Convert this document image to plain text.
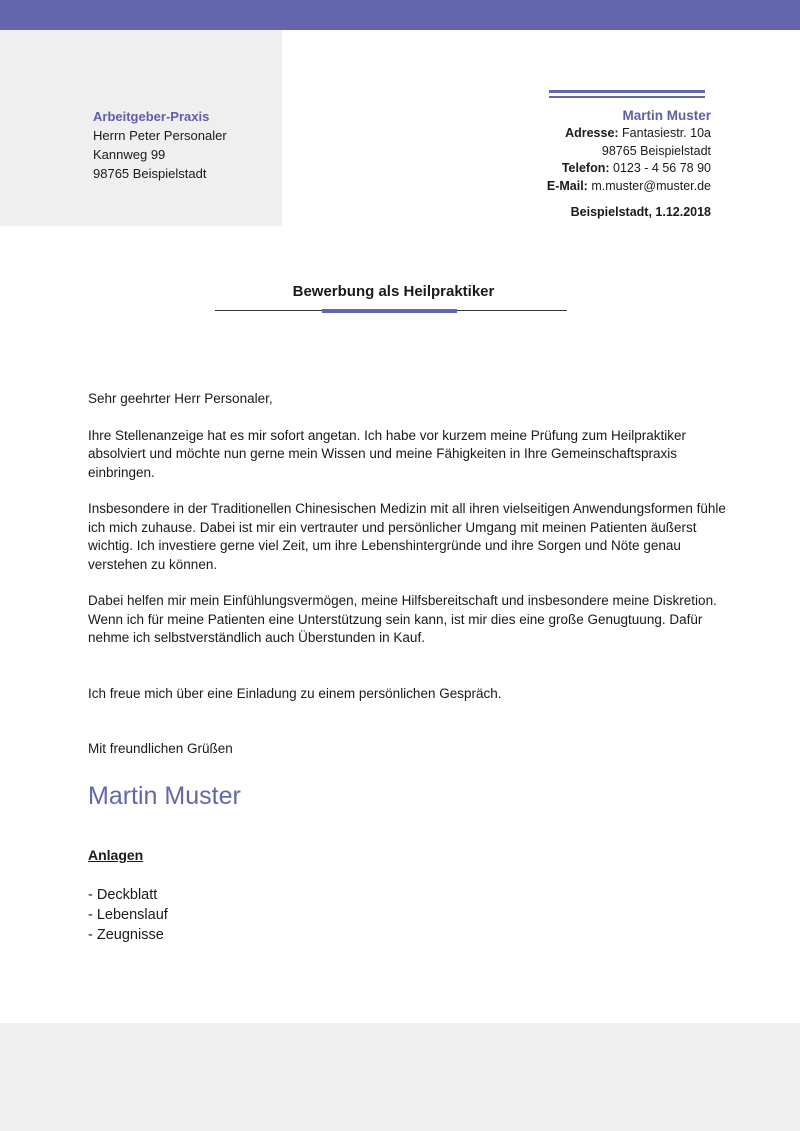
Arbeitgeber-Praxis
Herrn Peter Personaler
Kannweg 99
98765 Beispielstadt
Martin Muster
Adresse: Fantasiestr. 10a
98765 Beispielstadt
Telefon: 0123 - 4 56 78 90
E-Mail: m.muster@muster.de
Beispielstadt, 1.12.2018
Bewerbung als Heilpraktiker

Sehr geehrter Herr Personaler,

Ihre Stellenanzeige hat es mir sofort angetan. Ich habe vor kurzem meine Prüfung zum Heilpraktiker absolviert und möchte nun gerne mein Wissen und meine Fähigkeiten in Ihre Gemeinschaftspraxis einbringen.

Insbesondere in der Traditionellen Chinesischen Medizin mit all ihren vielseitigen Anwendungsformen fühle ich mich zuhause. Dabei ist mir ein vertrauter und persönlicher Umgang mit meinen Patienten äußerst wichtig. Ich investiere gerne viel Zeit, um ihre Lebenshintergründe und ihre Sorgen und Nöte genau verstehen zu können.

Dabei helfen mir mein Einfühlungsvermögen, meine Hilfsbereitschaft und insbesondere meine Diskretion. Wenn ich für meine Patienten eine Unterstützung sein kann, ist mir dies eine große Genugtuung. Dafür nehme ich selbstverständlich auch Überstunden in Kauf.

Ich freue mich über eine Einladung zu einem persönlichen Gespräch.

Mit freundlichen Grüßen

Martin Muster
Anlagen
- Deckblatt
- Lebenslauf
- Zeugnisse
